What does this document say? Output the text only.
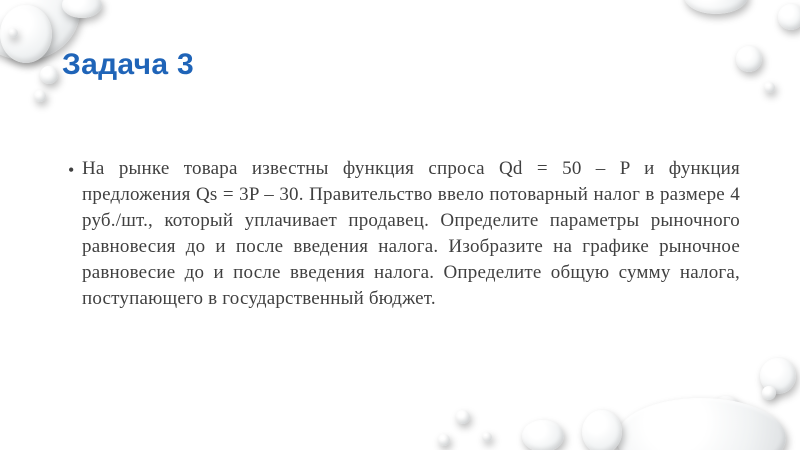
Задача 3
• На рынке товара известны функция спроса Qd = 50 – P и функция предложения Qs = 3P – 30. Правительство ввело потоварный налог в размере 4 руб./шт., который уплачивает продавец. Определите параметры рыночного равновесия до и после введения налога. Изобразите на графике рыночное равновесие до и после введения налога. Определите общую сумму налога, поступающего в государственный бюджет.
